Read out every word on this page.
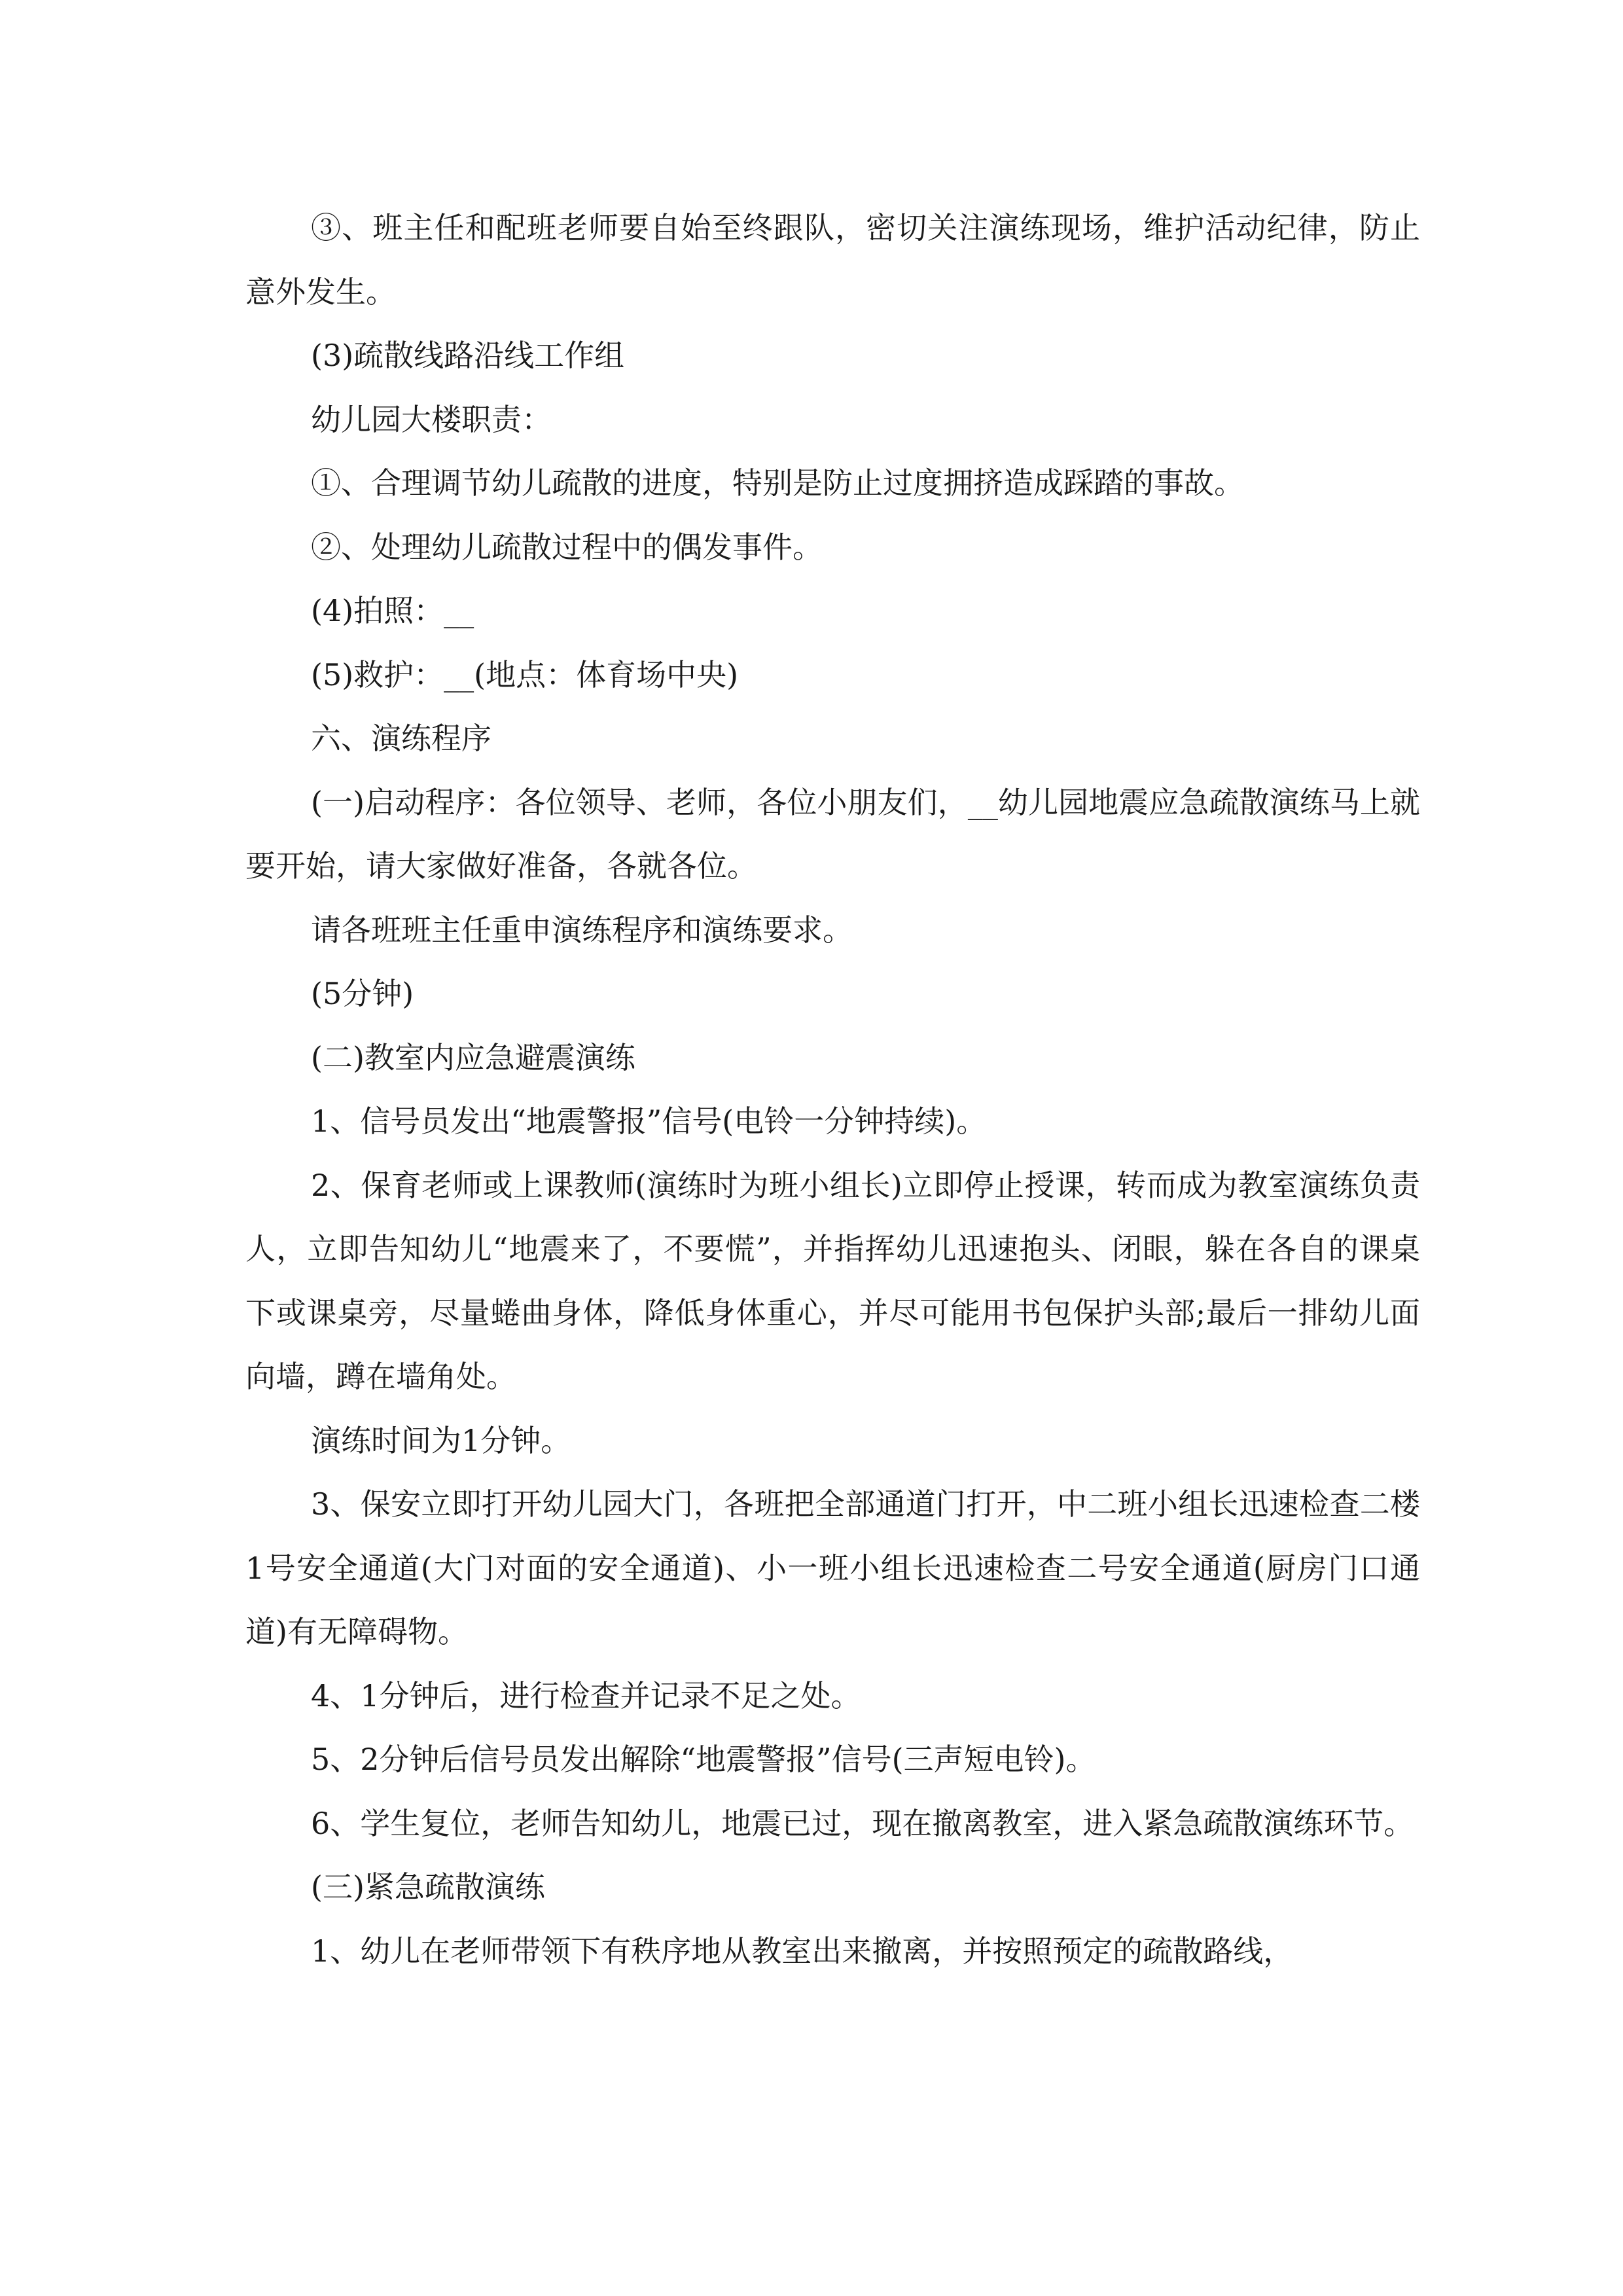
③、班主任和配班老师要自始至终跟队，密切关注演练现场，维护活动纪律，防止意外发生。

(3)疏散线路沿线工作组

幼儿园大楼职责：

①、合理调节幼儿疏散的进度，特别是防止过度拥挤造成踩踏的事故。

②、处理幼儿疏散过程中的偶发事件。

(4)拍照：__

(5)救护：__(地点：体育场中央)

六、演练程序

(一)启动程序：各位领导、老师，各位小朋友们，__幼儿园地震应急疏散演练马上就要开始，请大家做好准备，各就各位。

请各班班主任重申演练程序和演练要求。

(5分钟)

(二)教室内应急避震演练

1、信号员发出“地震警报”信号(电铃一分钟持续)。

2、保育老师或上课教师(演练时为班小组长)立即停止授课，转而成为教室演练负责人，立即告知幼儿“地震来了，不要慌”，并指挥幼儿迅速抱头、闭眼，躲在各自的课桌下或课桌旁，尽量蜷曲身体，降低身体重心，并尽可能用书包保护头部;最后一排幼儿面向墙，蹲在墙角处。

演练时间为1分钟。

3、保安立即打开幼儿园大门，各班把全部通道门打开，中二班小组长迅速检查二楼1号安全通道(大门对面的安全通道)、小一班小组长迅速检查二号安全通道(厨房门口通道)有无障碍物。

4、1分钟后，进行检查并记录不足之处。

5、2分钟后信号员发出解除“地震警报”信号(三声短电铃)。

6、学生复位，老师告知幼儿，地震已过，现在撤离教室，进入紧急疏散演练环节。

(三)紧急疏散演练

1、幼儿在老师带领下有秩序地从教室出来撤离，并按照预定的疏散路线，
